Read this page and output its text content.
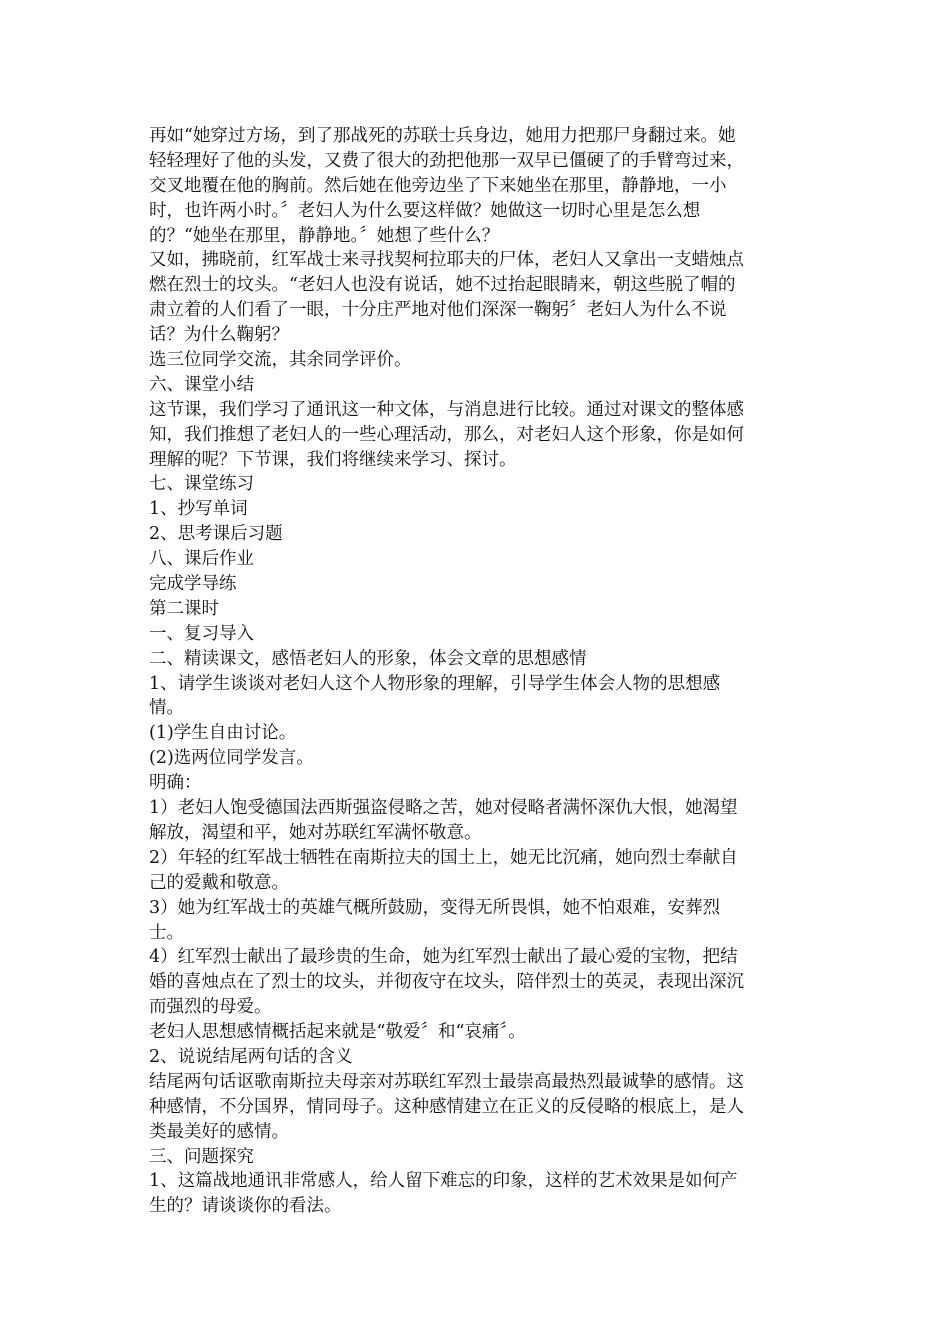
再如“她穿过方场，到了那战死的苏联士兵身边，她用力把那尸身翻过来。她
轻轻理好了他的头发，又费了很大的劲把他那一双早已僵硬了的手臂弯过来，
交叉地覆在他的胸前。然后她在他旁边坐了下来她坐在那里，静静地，一小
时，也许两小时。〞老妇人为什么要这样做？她做这一切时心里是怎么想
的？“她坐在那里，静静地。〞她想了些什么？
又如，拂晓前，红军战士来寻找契柯拉耶夫的尸体，老妇人又拿出一支蜡烛点
燃在烈士的坟头。“老妇人也没有说话，她不过抬起眼睛来，朝这些脱了帽的
肃立着的人们看了一眼，十分庄严地对他们深深一鞠躬〞老妇人为什么不说
话？为什么鞠躬？
选三位同学交流，其余同学评价。
六、课堂小结
这节课，我们学习了通讯这一种文体，与消息进行比较。通过对课文的整体感
知，我们推想了老妇人的一些心理活动，那么，对老妇人这个形象，你是如何
理解的呢？下节课，我们将继续来学习、探讨。
七、课堂练习
1、抄写单词
2、思考课后习题
八、课后作业
完成学导练
第二课时
一、复习导入
二、精读课文，感悟老妇人的形象，体会文章的思想感情
1、请学生谈谈对老妇人这个人物形象的理解，引导学生体会人物的思想感
情。
(1)学生自由讨论。
(2)选两位同学发言。
明确：
1）老妇人饱受德国法西斯强盗侵略之苦，她对侵略者满怀深仇大恨，她渴望
解放，渴望和平，她对苏联红军满怀敬意。
2）年轻的红军战士牺牲在南斯拉夫的国土上，她无比沉痛，她向烈士奉献自
己的爱戴和敬意。
3）她为红军战士的英雄气概所鼓励，变得无所畏惧，她不怕艰难，安葬烈
士。
4）红军烈士献出了最珍贵的生命，她为红军烈士献出了最心爱的宝物，把结
婚的喜烛点在了烈士的坟头，并彻夜守在坟头，陪伴烈士的英灵，表现出深沉
而强烈的母爱。
老妇人思想感情概括起来就是“敬爱〞和“哀痛〞。
2、说说结尾两句话的含义
结尾两句话讴歌南斯拉夫母亲对苏联红军烈士最崇高最热烈最诚挚的感情。这
种感情，不分国界，情同母子。这种感情建立在正义的反侵略的根底上，是人
类最美好的感情。
三、问题探究
1、这篇战地通讯非常感人，给人留下难忘的印象，这样的艺术效果是如何产
生的？请谈谈你的看法。
